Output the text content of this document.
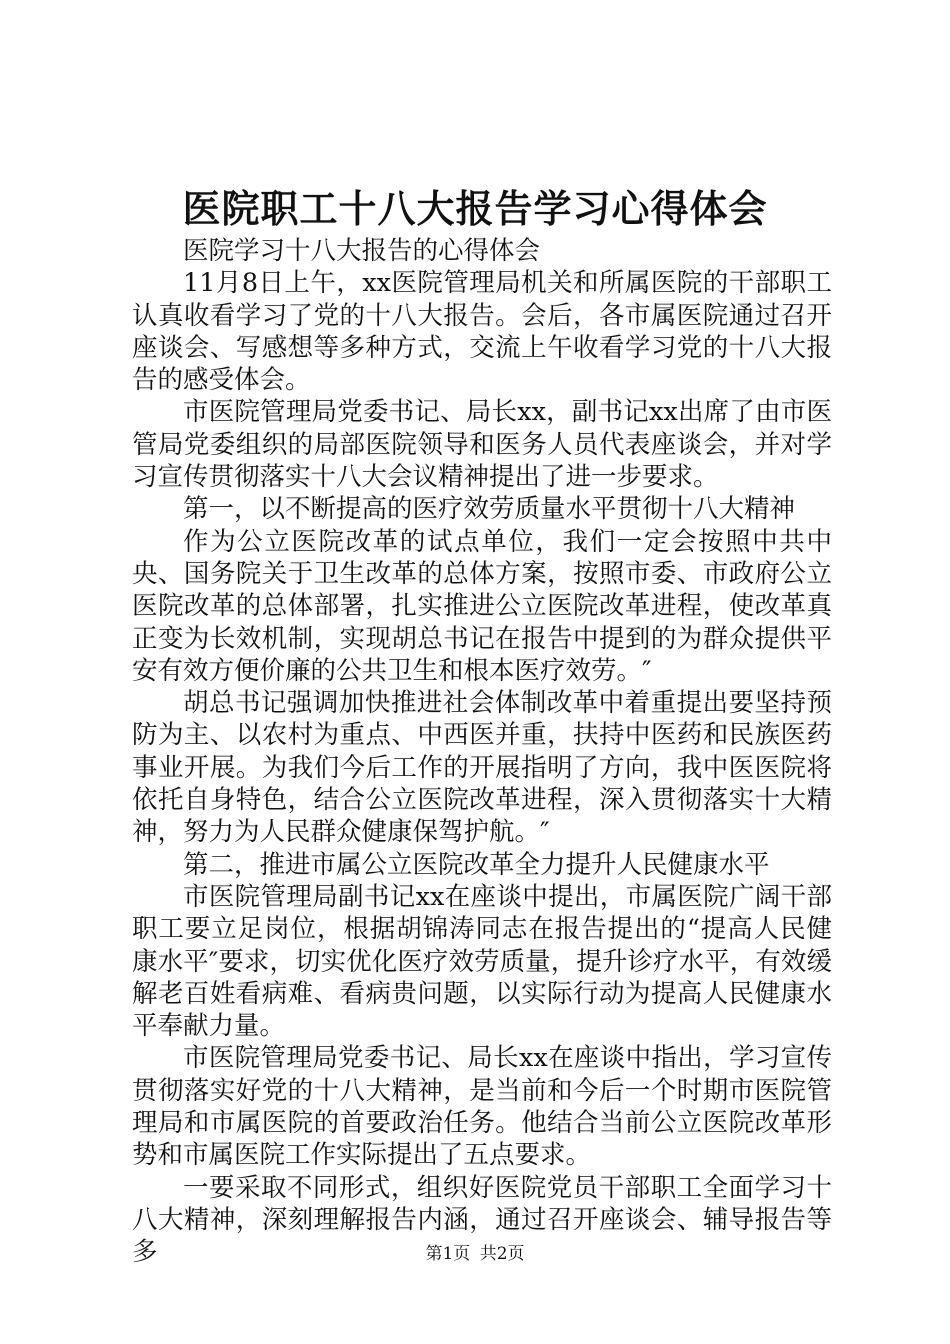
医院职工十八大报告学习心得体会

医院学习十八大报告的心得体会

11月8日上午，xx医院管理局机关和所属医院的干部职工认真收看学习了党的十八大报告。会后，各市属医院通过召开座谈会、写感想等多种方式，交流上午收看学习党的十八大报告的感受体会。

市医院管理局党委书记、局长xx，副书记xx出席了由市医管局党委组织的局部医院领导和医务人员代表座谈会，并对学习宣传贯彻落实十八大会议精神提出了进一步要求。

第一，以不断提高的医疗效劳质量水平贯彻十八大精神

作为公立医院改革的试点单位，我们一定会按照中共中央、国务院关于卫生改革的总体方案，按照市委、市政府公立医院改革的总体部署，扎实推进公立医院改革进程，使改革真正变为长效机制，实现胡总书记在报告中提到的为群众提供平安有效方便价廉的公共卫生和根本医疗效劳。″

胡总书记强调加快推进社会体制改革中着重提出要坚持预防为主、以农村为重点、中西医并重，扶持中医药和民族医药事业开展。为我们今后工作的开展指明了方向，我中医医院将依托自身特色，结合公立医院改革进程，深入贯彻落实十大精神，努力为人民群众健康保驾护航。″

第二，推进市属公立医院改革全力提升人民健康水平

市医院管理局副书记xx在座谈中提出，市属医院广阔干部职工要立足岗位，根据胡锦涛同志在报告提出的“提高人民健康水平″要求，切实优化医疗效劳质量，提升诊疗水平，有效缓解老百姓看病难、看病贵问题，以实际行动为提高人民健康水平奉献力量。

市医院管理局党委书记、局长xx在座谈中指出，学习宣传贯彻落实好党的十八大精神，是当前和今后一个时期市医院管理局和市属医院的首要政治任务。他结合当前公立医院改革形势和市属医院工作实际提出了五点要求。

一要采取不同形式，组织好医院党员干部职工全面学习十八大精神，深刻理解报告内涵，通过召开座谈会、辅导报告等多	第1页 共2页
